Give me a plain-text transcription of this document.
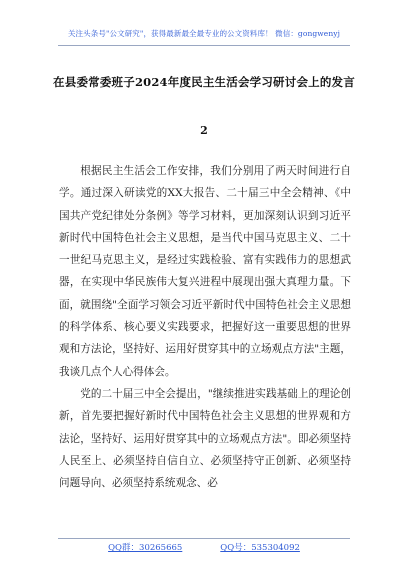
关注头条号"公文研究"，获得最新最全最专业的公文资料库！ 微信：gongwenyj
在县委常委班子2024年度民主生活会学习研讨会上的发言
2

根据民主生活会工作安排，我们分别用了两天时间进行自学。通过深入研读党的XX大报告、二十届三中全会精神、《中国共产党纪律处分条例》等学习材料，更加深刻认识到习近平新时代中国特色社会主义思想，是当代中国马克思主义、二十一世纪马克思主义，是经过实践检验、富有实践伟力的思想武器，在实现中华民族伟大复兴进程中展现出强大真理力量。下面，就围绕"全面学习领会习近平新时代中国特色社会主义思想的科学体系、核心要义实践要求，把握好这一重要思想的世界观和方法论，坚持好、运用好贯穿其中的立场观点方法"主题，我谈几点个人心得体会。

党的二十届三中全会提出，"继续推进实践基础上的理论创新，首先要把握好新时代中国特色社会主义思想的世界观和方法论，坚持好、运用好贯穿其中的立场观点方法"。即必须坚持人民至上、必须坚持自信自立、必须坚持守正创新、必须坚持问题导向、必须坚持系统观念、必

QQ群：30265665	QQ号：535304092
